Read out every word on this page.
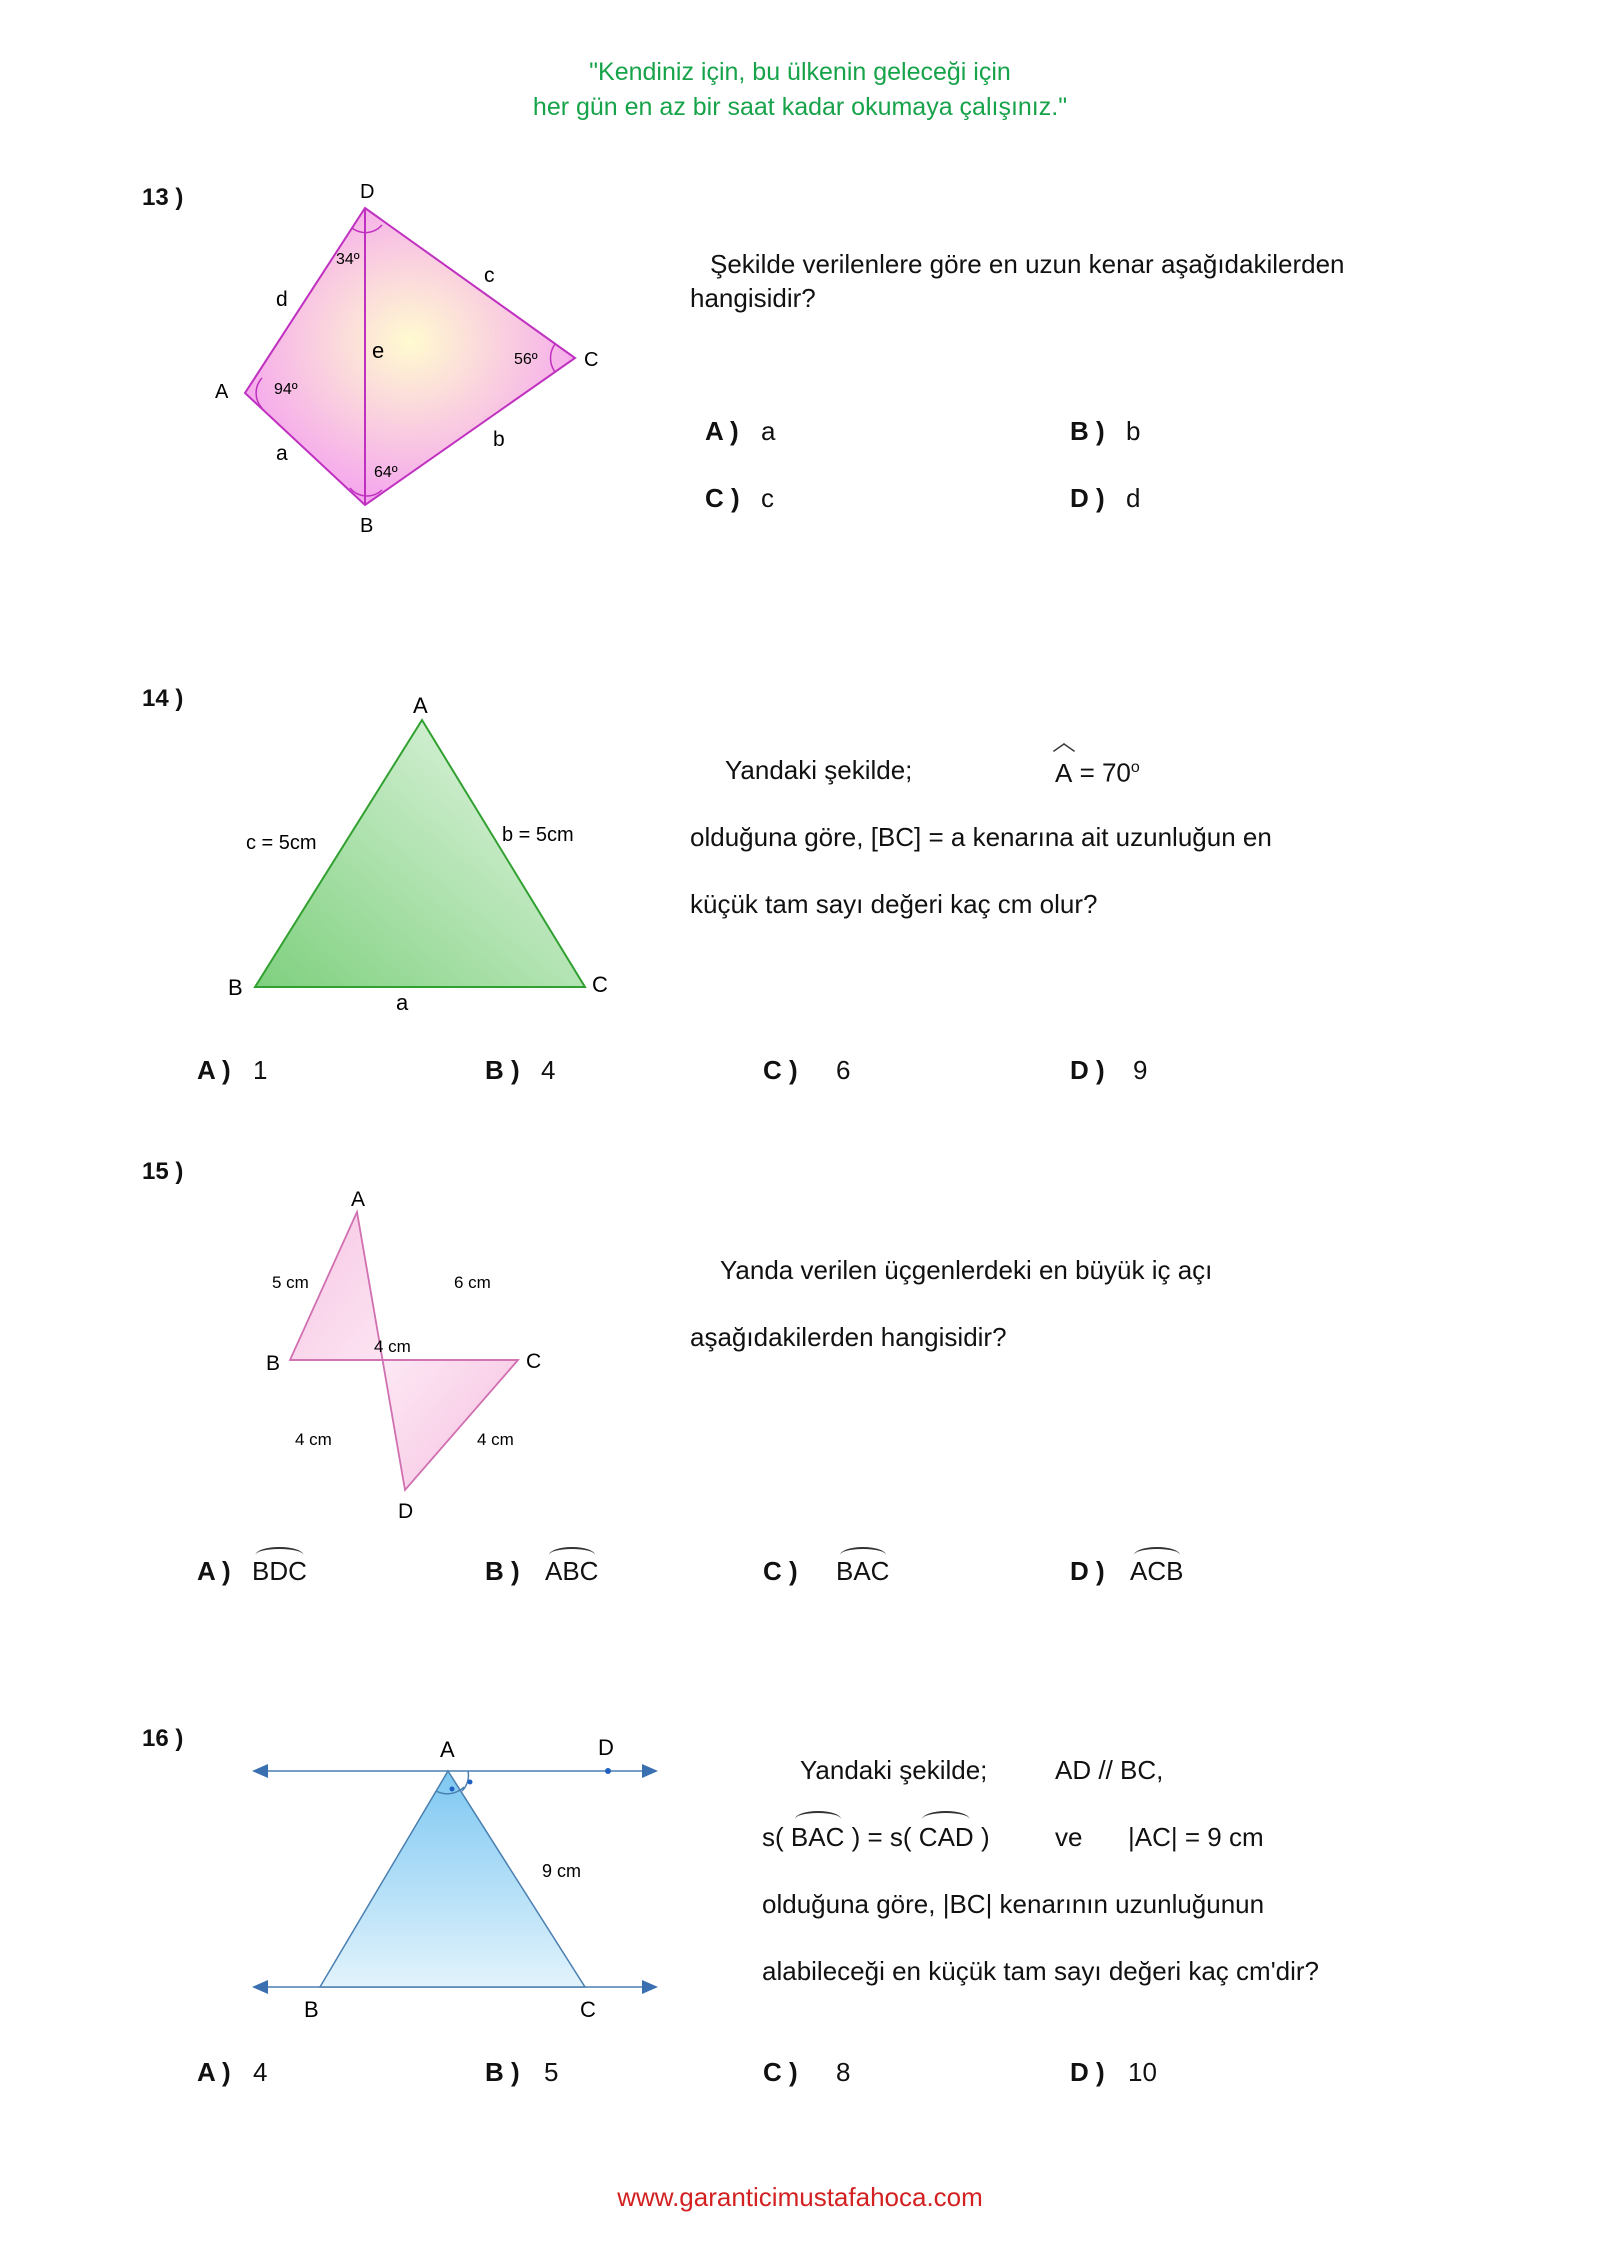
"Kendiniz için, bu ülkenin geleceği için
her gün en az bir saat kadar okumaya çalışınız."
13 )	D
C
A
B
d
c
e
a
b
34º
56º
94º
64º
Şekilde verilenlere göre en uzun kenar aşağıdakilerden
hangisidir?
A ) a	B ) b
C ) c	D ) d
14 )	A
B	C
c = 5cm	b = 5cm
a
Yandaki şekilde;	$A = 70^o$
olduğuna göre, [BC] = a kenarına ait uzunluğun en
küçük tam sayı değeri kaç cm olur?
A ) 1	B ) 4	C ) 6	D ) 9
15 )
A
B	C
D
5 cm	6 cm
4 cm
4 cm	4 cm
Yanda verilen üçgenlerdeki en büyük iç açı
aşağıdakilerden hangisidir?
A ) BDC	B ) ABC	C ) BAC	D ) ACB
16 )	A	D
B	C
9 cm
Yandaki şekilde;	AD // BC,
s( BAC ) = s( CAD )	ve |AC| = 9 cm
olduğuna göre, |BC| kenarının uzunluğunun
alabileceği en küçük tam sayı değeri kaç cm'dir?
A ) 4	B ) 5	C ) 8	D ) 10
www.garanticimustafahoca.com
